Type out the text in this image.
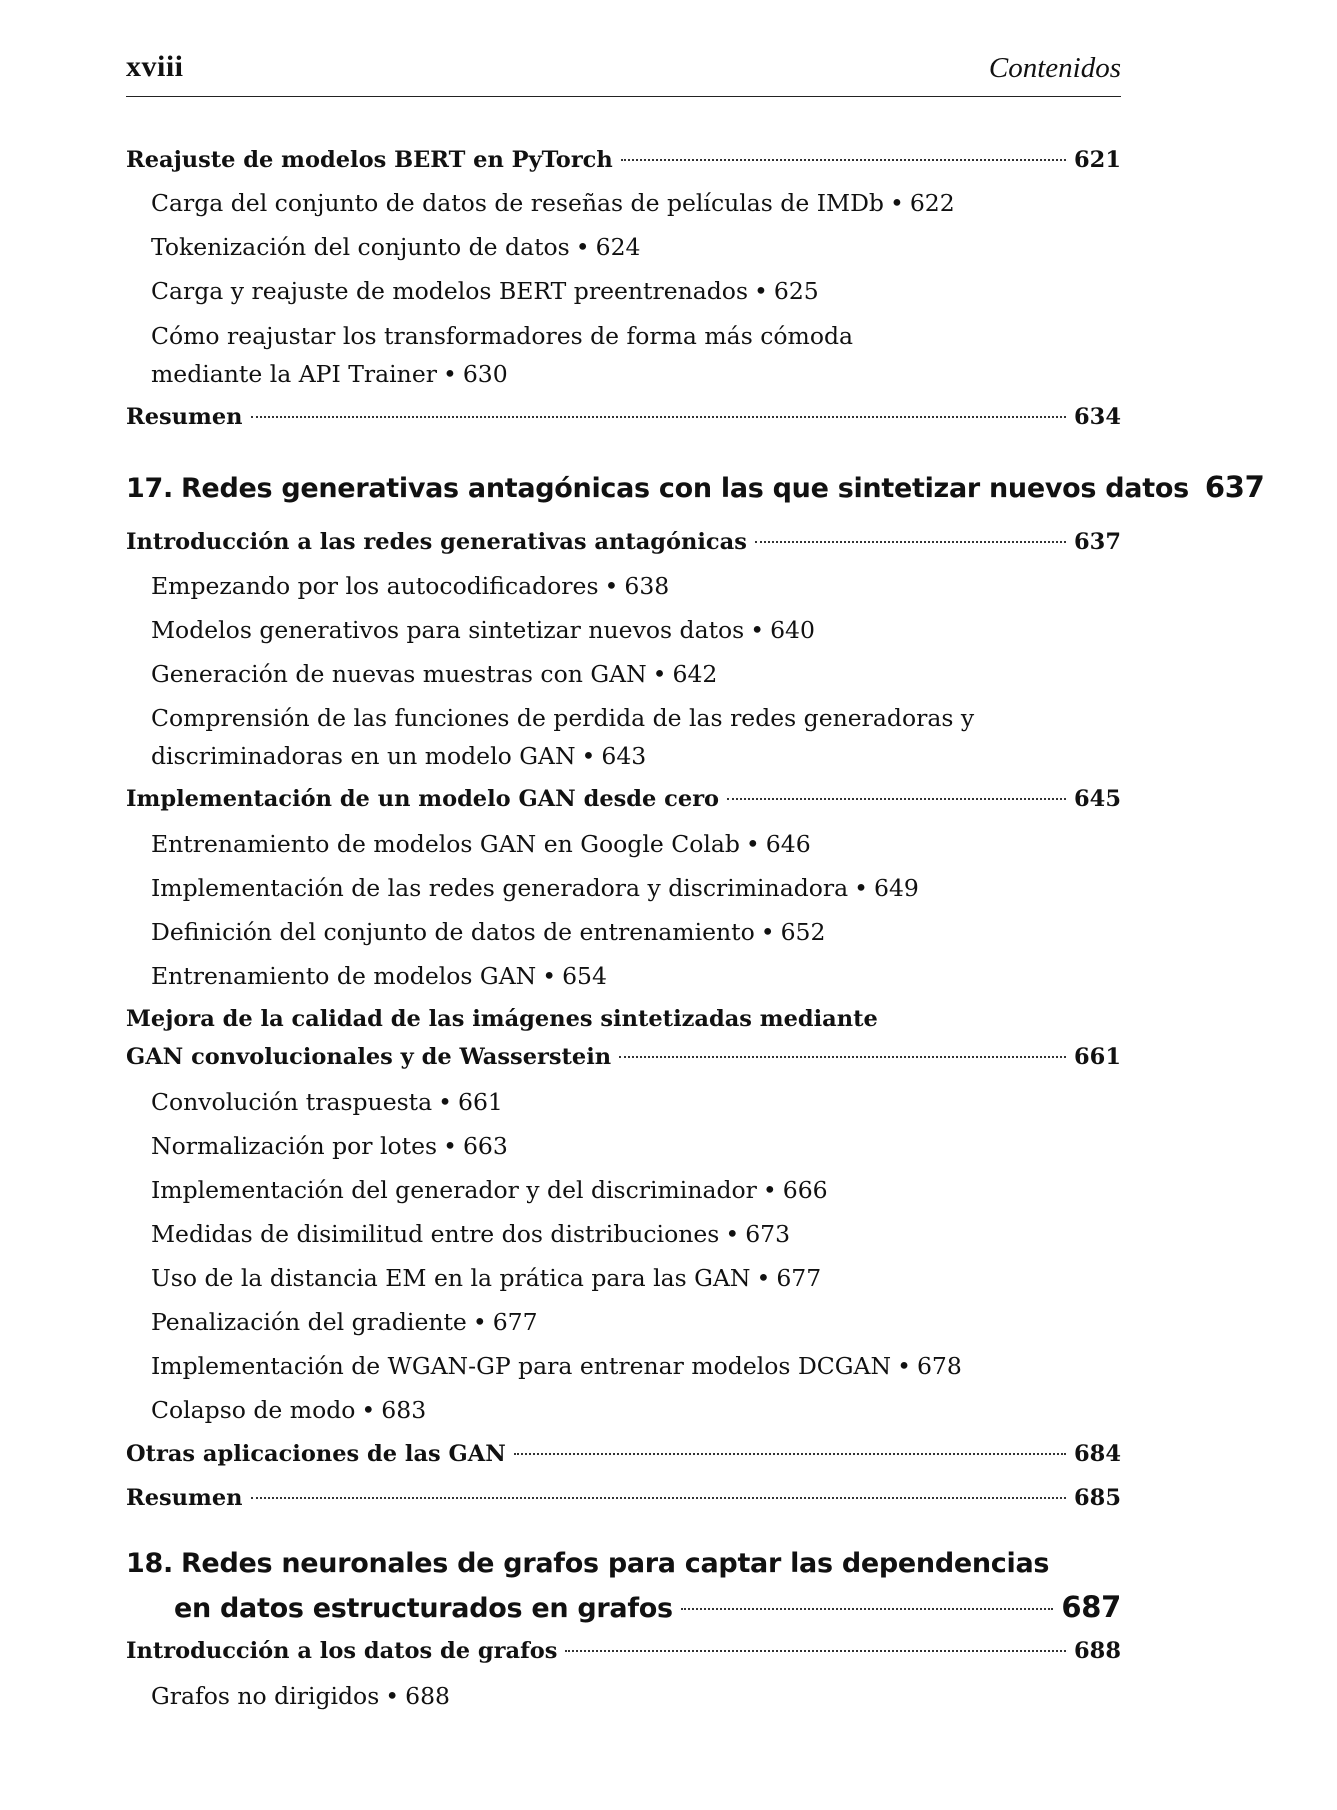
xviii	Contenidos
Reajuste de modelos BERT en PyTorch	621
Carga del conjunto de datos de reseñas de películas de IMDb • 622
Tokenización del conjunto de datos • 624
Carga y reajuste de modelos BERT preentrenados • 625
Cómo reajustar los transformadores de forma más cómoda
mediante la API Trainer • 630
Resumen	634
17. Redes generativas antagónicas con las que sintetizar nuevos datos 637
Introducción a las redes generativas antagónicas	637
Empezando por los autocodificadores • 638
Modelos generativos para sintetizar nuevos datos • 640
Generación de nuevas muestras con GAN • 642
Comprensión de las funciones de perdida de las redes generadoras y
discriminadoras en un modelo GAN • 643
Implementación de un modelo GAN desde cero	645
Entrenamiento de modelos GAN en Google Colab • 646
Implementación de las redes generadora y discriminadora • 649
Definición del conjunto de datos de entrenamiento • 652
Entrenamiento de modelos GAN • 654
Mejora de la calidad de las imágenes sintetizadas mediante
GAN convolucionales y de Wasserstein	661
Convolución traspuesta • 661
Normalización por lotes • 663
Implementación del generador y del discriminador • 666
Medidas de disimilitud entre dos distribuciones • 673
Uso de la distancia EM en la prática para las GAN • 677
Penalización del gradiente • 677
Implementación de WGAN-GP para entrenar modelos DCGAN • 678
Colapso de modo • 683
Otras aplicaciones de las GAN	684
Resumen	685
18. Redes neuronales de grafos para captar las dependencias
en datos estructurados en grafos	687
Introducción a los datos de grafos	688
Grafos no dirigidos • 688
